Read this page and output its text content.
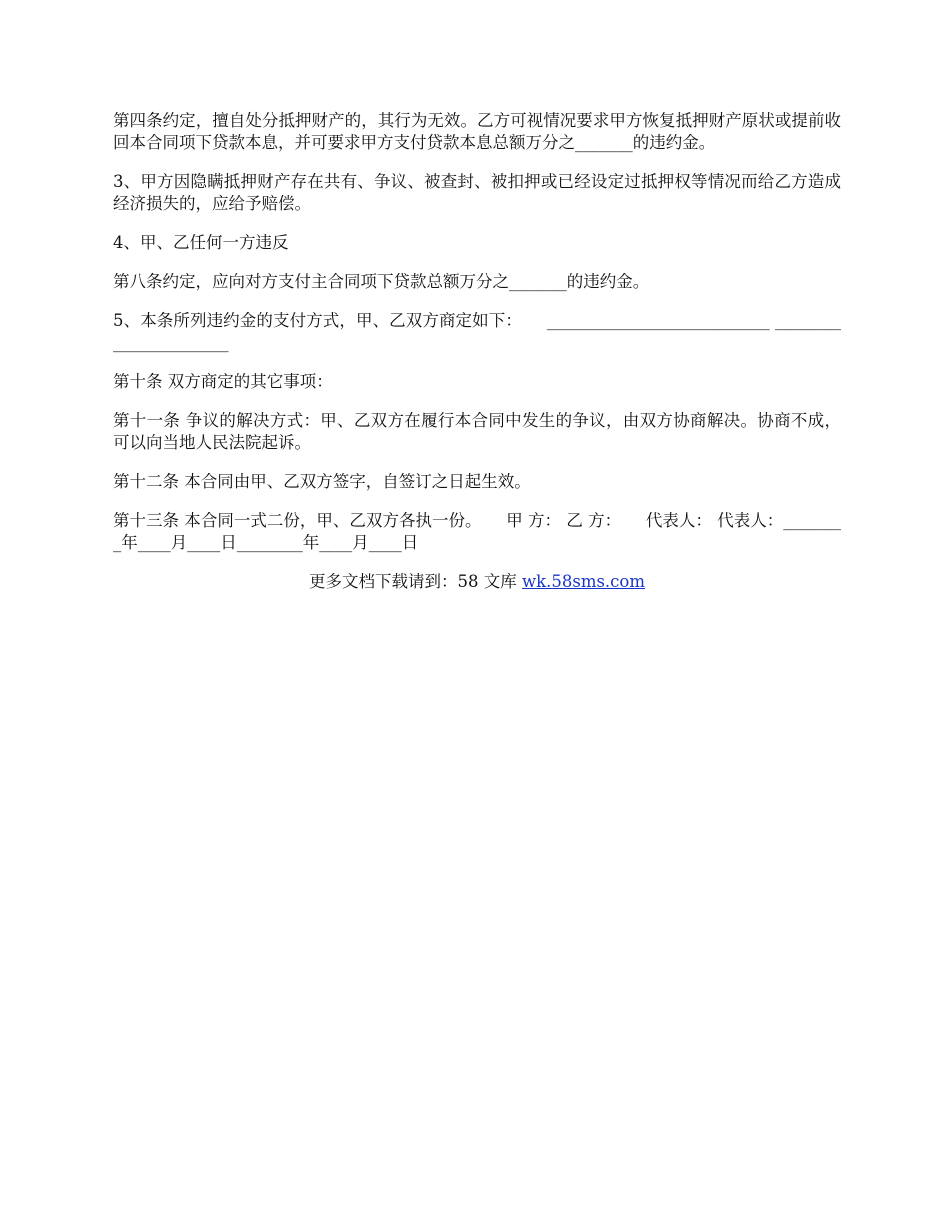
第四条约定，擅自处分抵押财产的，其行为无效。乙方可视情况要求甲方恢复抵押财产原状或提前收回本合同项下贷款本息，并可要求甲方支付贷款本息总额万分之_______的违约金。

3、甲方因隐瞒抵押财产存在共有、争议、被查封、被扣押或已经设定过抵押权等情况而给乙方造成经济损失的，应给予赔偿。

4、甲、乙任何一方违反

第八条约定，应向对方支付主合同项下贷款总额万分之_______的违约金。

5、本条所列违约金的支付方式，甲、乙双方商定如下：　　___________________________ ______________________

第十条 双方商定的其它事项：

第十一条 争议的解决方式：甲、乙双方在履行本合同中发生的争议，由双方协商解决。协商不成，可以向当地人民法院起诉。

第十二条 本合同由甲、乙双方签字，自签订之日起生效。

第十三条 本合同一式二份，甲、乙双方各执一份。　　甲 方： 乙 方：　　代表人： 代表人：________年____月____日________年____月____日

更多文档下载请到：58 文库 wk.58sms.com
